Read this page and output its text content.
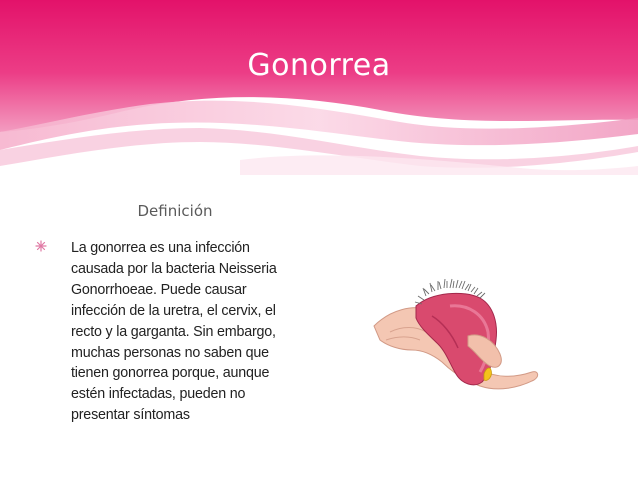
Gonorrea
Definición
La gonorrea es una infección
causada por la bacteria Neisseria
Gonorrhoeae. Puede causar
infección de la uretra, el cervix, el
recto y la garganta. Sin embargo,
muchas personas no saben que
tienen gonorrea porque, aunque
estén infectadas, pueden no
presentar síntomas
